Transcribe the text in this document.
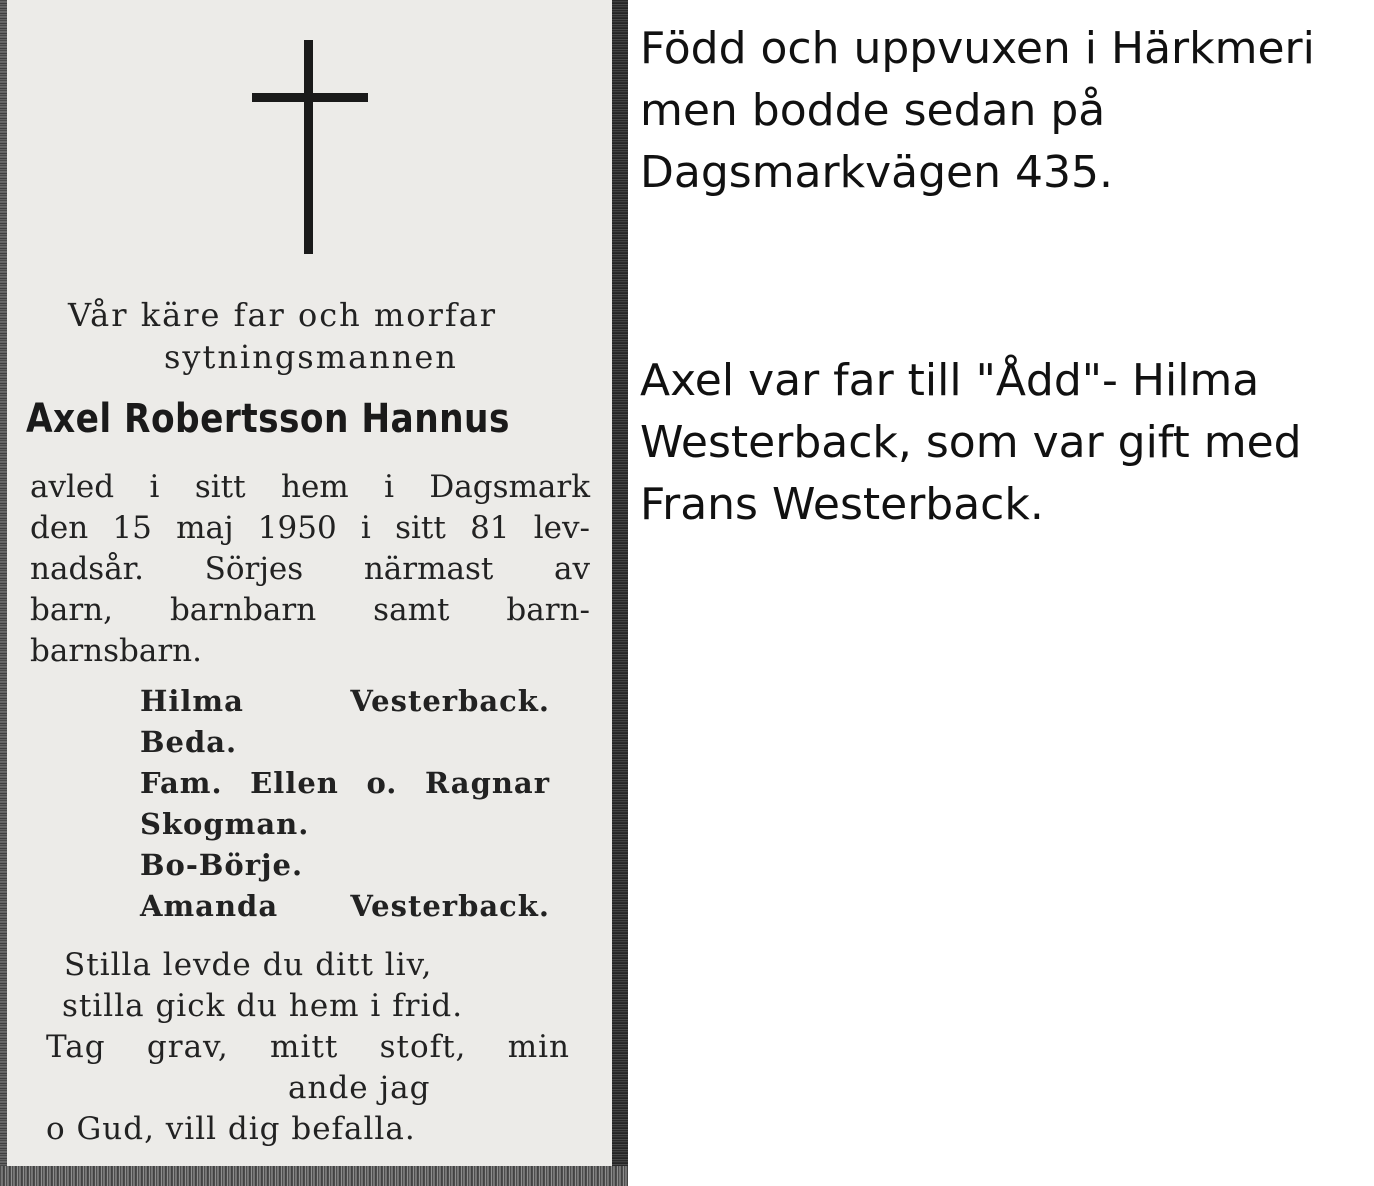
Vår käre far och morfar
sytningsmannen
Axel Robertsson Hannus
avled i sitt hem i Dagsmark
den 15 maj 1950 i sitt 81 lev-
nadsår. Sörjes närmast av
barn, barnbarn samt barn-
barnsbarn.
Hilma Vesterback.
Beda.
Fam. Ellen o. Ragnar
Skogman.
Bo-Börje.
Amanda Vesterback.
Stilla levde du ditt liv,
stilla gick du hem i frid.
Tag grav, mitt stoft, min
ande jag
o Gud, vill dig befalla.

Född och uppvuxen i Härkmeri

men bodde sedan på

Dagsmarkvägen 435.

Axel var far till "Ådd"- Hilma

Westerback, som var gift med

Frans Westerback.
